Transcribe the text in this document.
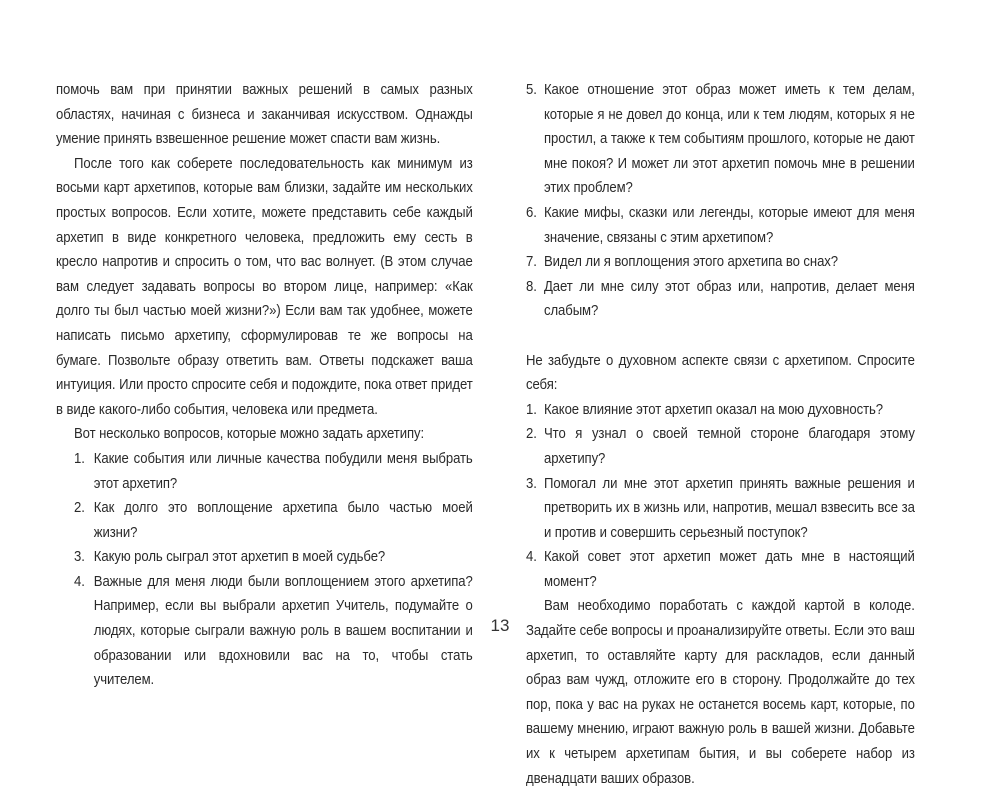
помочь вам при принятии важных решений в самых разных областях, начиная с бизнеса и заканчивая искусством. Однажды умение принять взвешенное решение может спасти вам жизнь.

После того как соберете последовательность как минимум из восьми карт архетипов, которые вам близки, задайте им нескольких простых вопросов. Если хотите, можете представить себе каждый архетип в виде конкретного человека, предложить ему сесть в кресло напротив и спросить о том, что вас волнует. (В этом случае вам следует задавать вопросы во втором лице, например: «Как долго ты был частью моей жизни?») Если вам так удобнее, можете написать письмо архетипу, сформулировав те же вопросы на бумаге. Позвольте образу ответить вам. Ответы подскажет ваша интуиция. Или просто спросите себя и подождите, пока ответ придет в виде какого-либо события, человека или предмета.

Вот несколько вопросов, которые можно задать архетипу:

1. Какие события или личные качества побудили меня выбрать этот архетип?
2. Как долго это воплощение архетипа было частью моей жизни?
3. Какую роль сыграл этот архетип в моей судьбе?
4. Важные для меня люди были воплощением этого архетипа? Например, если вы выбрали архетип Учитель, подумайте о людях, которые сыграли важную роль в вашем воспитании и образовании или вдохновили вас на то, чтобы стать учителем.
5. Какое отношение этот образ может иметь к тем делам, которые я не довел до конца, или к тем людям, которых я не простил, а также к тем событиям прошлого, которые не дают мне покоя? И может ли этот архетип помочь мне в решении этих проблем?
6. Какие мифы, сказки или легенды, которые имеют для меня значение, связаны с этим архетипом?
7. Видел ли я воплощения этого архетипа во снах?
8. Дает ли мне силу этот образ или, напротив, делает меня слабым?

Не забудьте о духовном аспекте связи с архетипом. Спросите себя:

1. Какое влияние этот архетип оказал на мою духовность?
2. Что я узнал о своей темной стороне благодаря этому архетипу?
3. Помогал ли мне этот архетип принять важные решения и претворить их в жизнь или, напротив, мешал взвесить все за и против и совершить серьезный поступок?
4. Какой совет этот архетип может дать мне в настоящий момент?

Вам необходимо поработать с каждой картой в колоде. Задайте себе вопросы и проанализируйте ответы. Если это ваш архетип, то оставляйте карту для раскладов, если данный образ вам чужд, отложите его в сторону. Продолжайте до тех пор, пока у вас на руках не останется восемь карт, которые, по вашему мнению, играют важную роль в вашей жизни. Добавьте их к четырем архетипам бытия, и вы соберете набор из двенадцати ваших образов.

13
